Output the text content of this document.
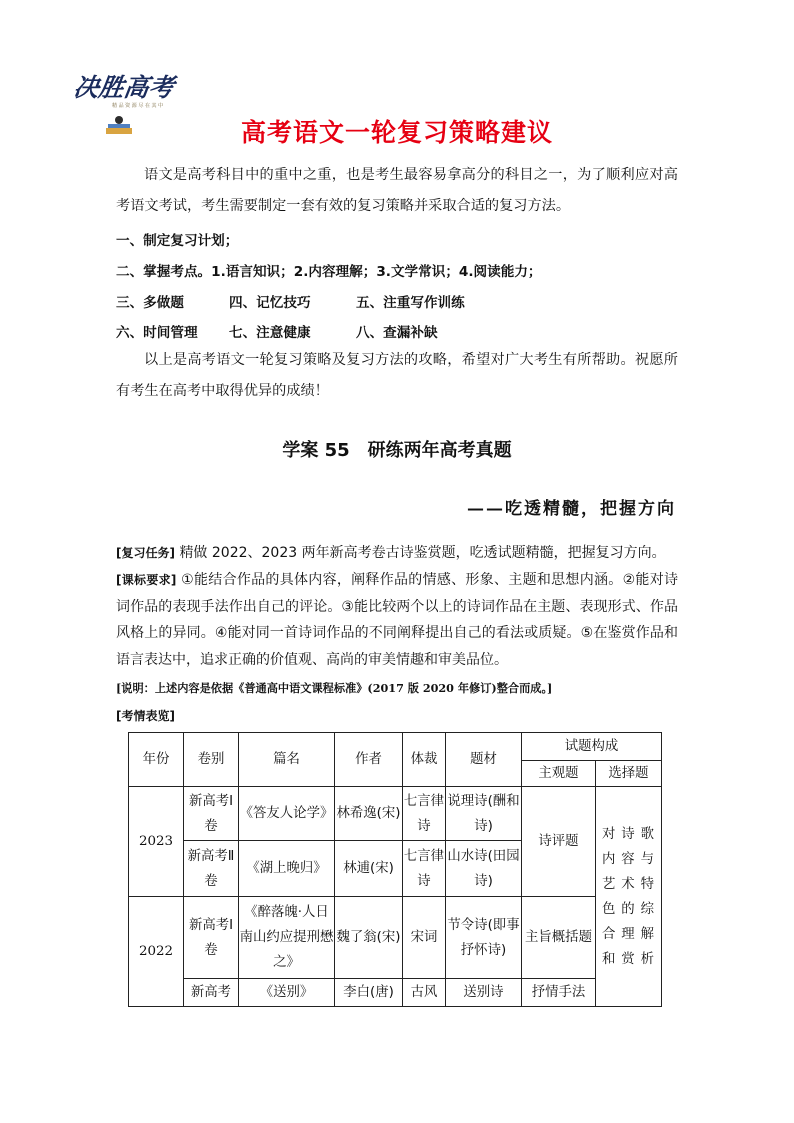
决胜高考
精 品 资 源 尽 在 其 中
高考语文一轮复习策略建议
语文是高考科目中的重中之重，也是考生最容易拿高分的科目之一，为了顺利应对高考语文考试，考生需要制定一套有效的复习策略并采取合适的复习方法。
一、制定复习计划；
二、掌握考点。1.语言知识；2.内容理解；3.文学常识；4.阅读能力；
三、多做题	四、记忆技巧	五、注重写作训练
六、时间管理 七、注意健康	八、查漏补缺
以上是高考语文一轮复习策略及复习方法的攻略，希望对广大考生有所帮助。祝愿所有考生在高考中取得优异的成绩！
学案 55　研练两年高考真题
——吃透精髓，把握方向
[复习任务] 精做 2022、2023 两年新高考卷古诗鉴赏题，吃透试题精髓，把握复习方向。
[课标要求] ①能结合作品的具体内容，阐释作品的情感、形象、主题和思想内涵。②能对诗词作品的表现手法作出自己的评论。③能比较两个以上的诗词作品在主题、表现形式、作品风格上的异同。④能对同一首诗词作品的不同阐释提出自己的看法或质疑。⑤在鉴赏作品和语言表达中，追求正确的价值观、高尚的审美情趣和审美品位。
[说明：上述内容是依据《普通高中语文课程标准》(2017 版 2020 年修订)整合而成。]
[考情表览]
年份	卷别	篇名	作者	体裁	题材	试题构成	
						主观题	选择题
2023	新高考Ⅰ卷	《答友人论学》	林希逸(宋)	七言律诗	说理诗(酬和诗)	诗评题	对诗歌内容与艺术特色的综合理解和赏析
	新高考Ⅱ卷	《湖上晚归》	林逋(宋)	七言律诗	山水诗(田园诗)		
2022	新高考Ⅰ卷	《醉落魄·人日南山约应提刑懋之》	魏了翁(宋)	宋词	节令诗(即事抒怀诗)	主旨概括题	
	新高考	《送别》	李白(唐)	古风	送别诗	抒情手法	
